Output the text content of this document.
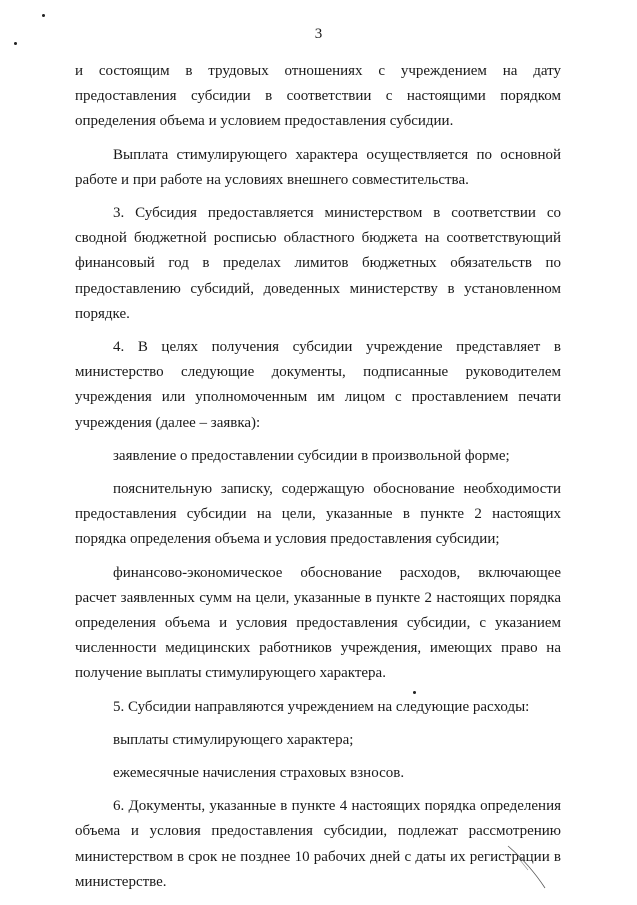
3

и состоящим в трудовых отношениях с учреждением на дату предоставления субсидии в соответствии с настоящими порядком определения объема и условием предоставления субсидии.

Выплата стимулирующего характера осуществляется по основной работе и при работе на условиях внешнего совместительства.

3. Субсидия предоставляется министерством в соответствии со сводной бюджетной росписью областного бюджета на соответствующий финансовый год в пределах лимитов бюджетных обязательств по предоставлению субсидий, доведенных министерству в установленном порядке.

4. В целях получения субсидии учреждение представляет в министерство следующие документы, подписанные руководителем учреждения или уполномоченным им лицом с проставлением печати учреждения (далее – заявка):

заявление о предоставлении субсидии в произвольной форме;

пояснительную записку, содержащую обоснование необходимости предоставления субсидии на цели, указанные в пункте 2 настоящих порядка определения объема и условия предоставления субсидии;

финансово-экономическое обоснование расходов, включающее расчет заявленных сумм на цели, указанные в пункте 2 настоящих порядка определения объема и условия предоставления субсидии, с указанием численности медицинских работников учреждения, имеющих право на получение выплаты стимулирующего характера.

5. Субсидии направляются учреждением на следующие расходы:

выплаты стимулирующего характера;

ежемесячные начисления страховых взносов.

6. Документы, указанные в пункте 4 настоящих порядка определения объема и условия предоставления субсидии, подлежат рассмотрению министерством в срок не позднее 10 рабочих дней с даты их регистрации в министерстве.
